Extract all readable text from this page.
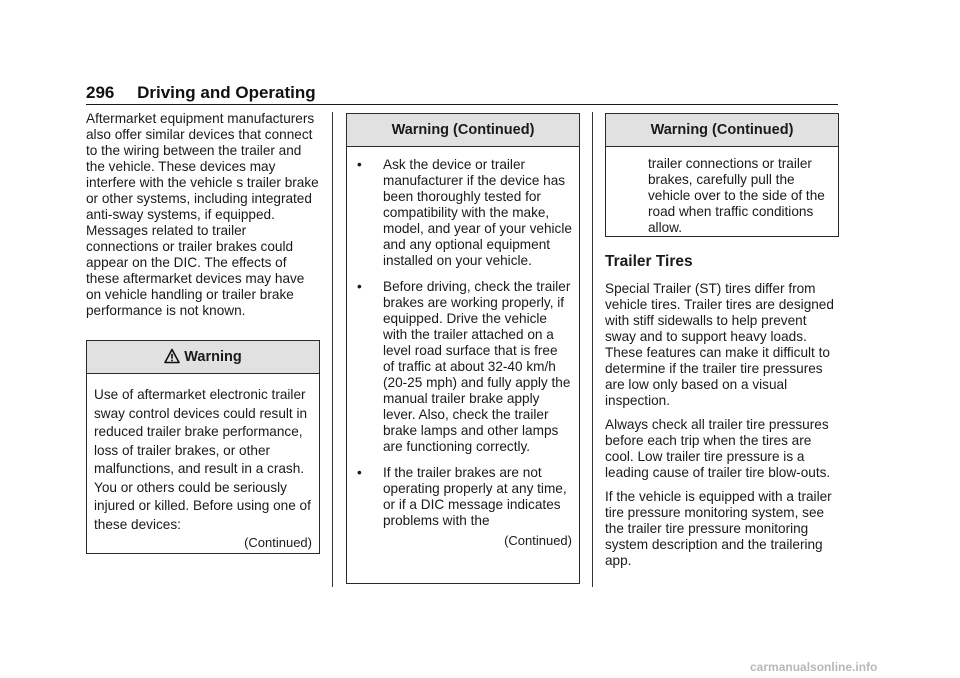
296 Driving and Operating

Aftermarket equipment manufacturers also offer similar devices that connect to the wiring between the trailer and the vehicle. These devices may interfere with the vehicle s trailer brake or other systems, including integrated anti-sway systems, if equipped. Messages related to trailer connections or trailer brakes could appear on the DIC. The effects of these aftermarket devices may have on vehicle handling or trailer brake performance is not known.

Warning
Use of aftermarket electronic trailer sway control devices could result in reduced trailer brake performance, loss of trailer brakes, or other malfunctions, and result in a crash. You or others could be seriously injured or killed. Before using one of these devices:
(Continued)
Warning (Continued)
• Ask the device or trailer manufacturer if the device has been thoroughly tested for compatibility with the make, model, and year of your vehicle and any optional equipment installed on your vehicle.
• Before driving, check the trailer brakes are working properly, if equipped. Drive the vehicle with the trailer attached on a level road surface that is free of traffic at about 32-40 km/h (20-25 mph) and fully apply the manual trailer brake apply lever. Also, check the trailer brake lamps and other lamps are functioning correctly.
• If the trailer brakes are not operating properly at any time, or if a DIC message indicates problems with the
(Continued)
Warning (Continued)
trailer connections or trailer brakes, carefully pull the vehicle over to the side of the road when traffic conditions allow.
Trailer Tires

Special Trailer (ST) tires differ from vehicle tires. Trailer tires are designed with stiff sidewalls to help prevent sway and to support heavy loads. These features can make it difficult to determine if the trailer tire pressures are low only based on a visual inspection.

Always check all trailer tire pressures before each trip when the tires are cool. Low trailer tire pressure is a leading cause of trailer tire blow-outs.

If the vehicle is equipped with a trailer tire pressure monitoring system, see the trailer tire pressure monitoring system description and the trailering app.

carmanualsonline.info
